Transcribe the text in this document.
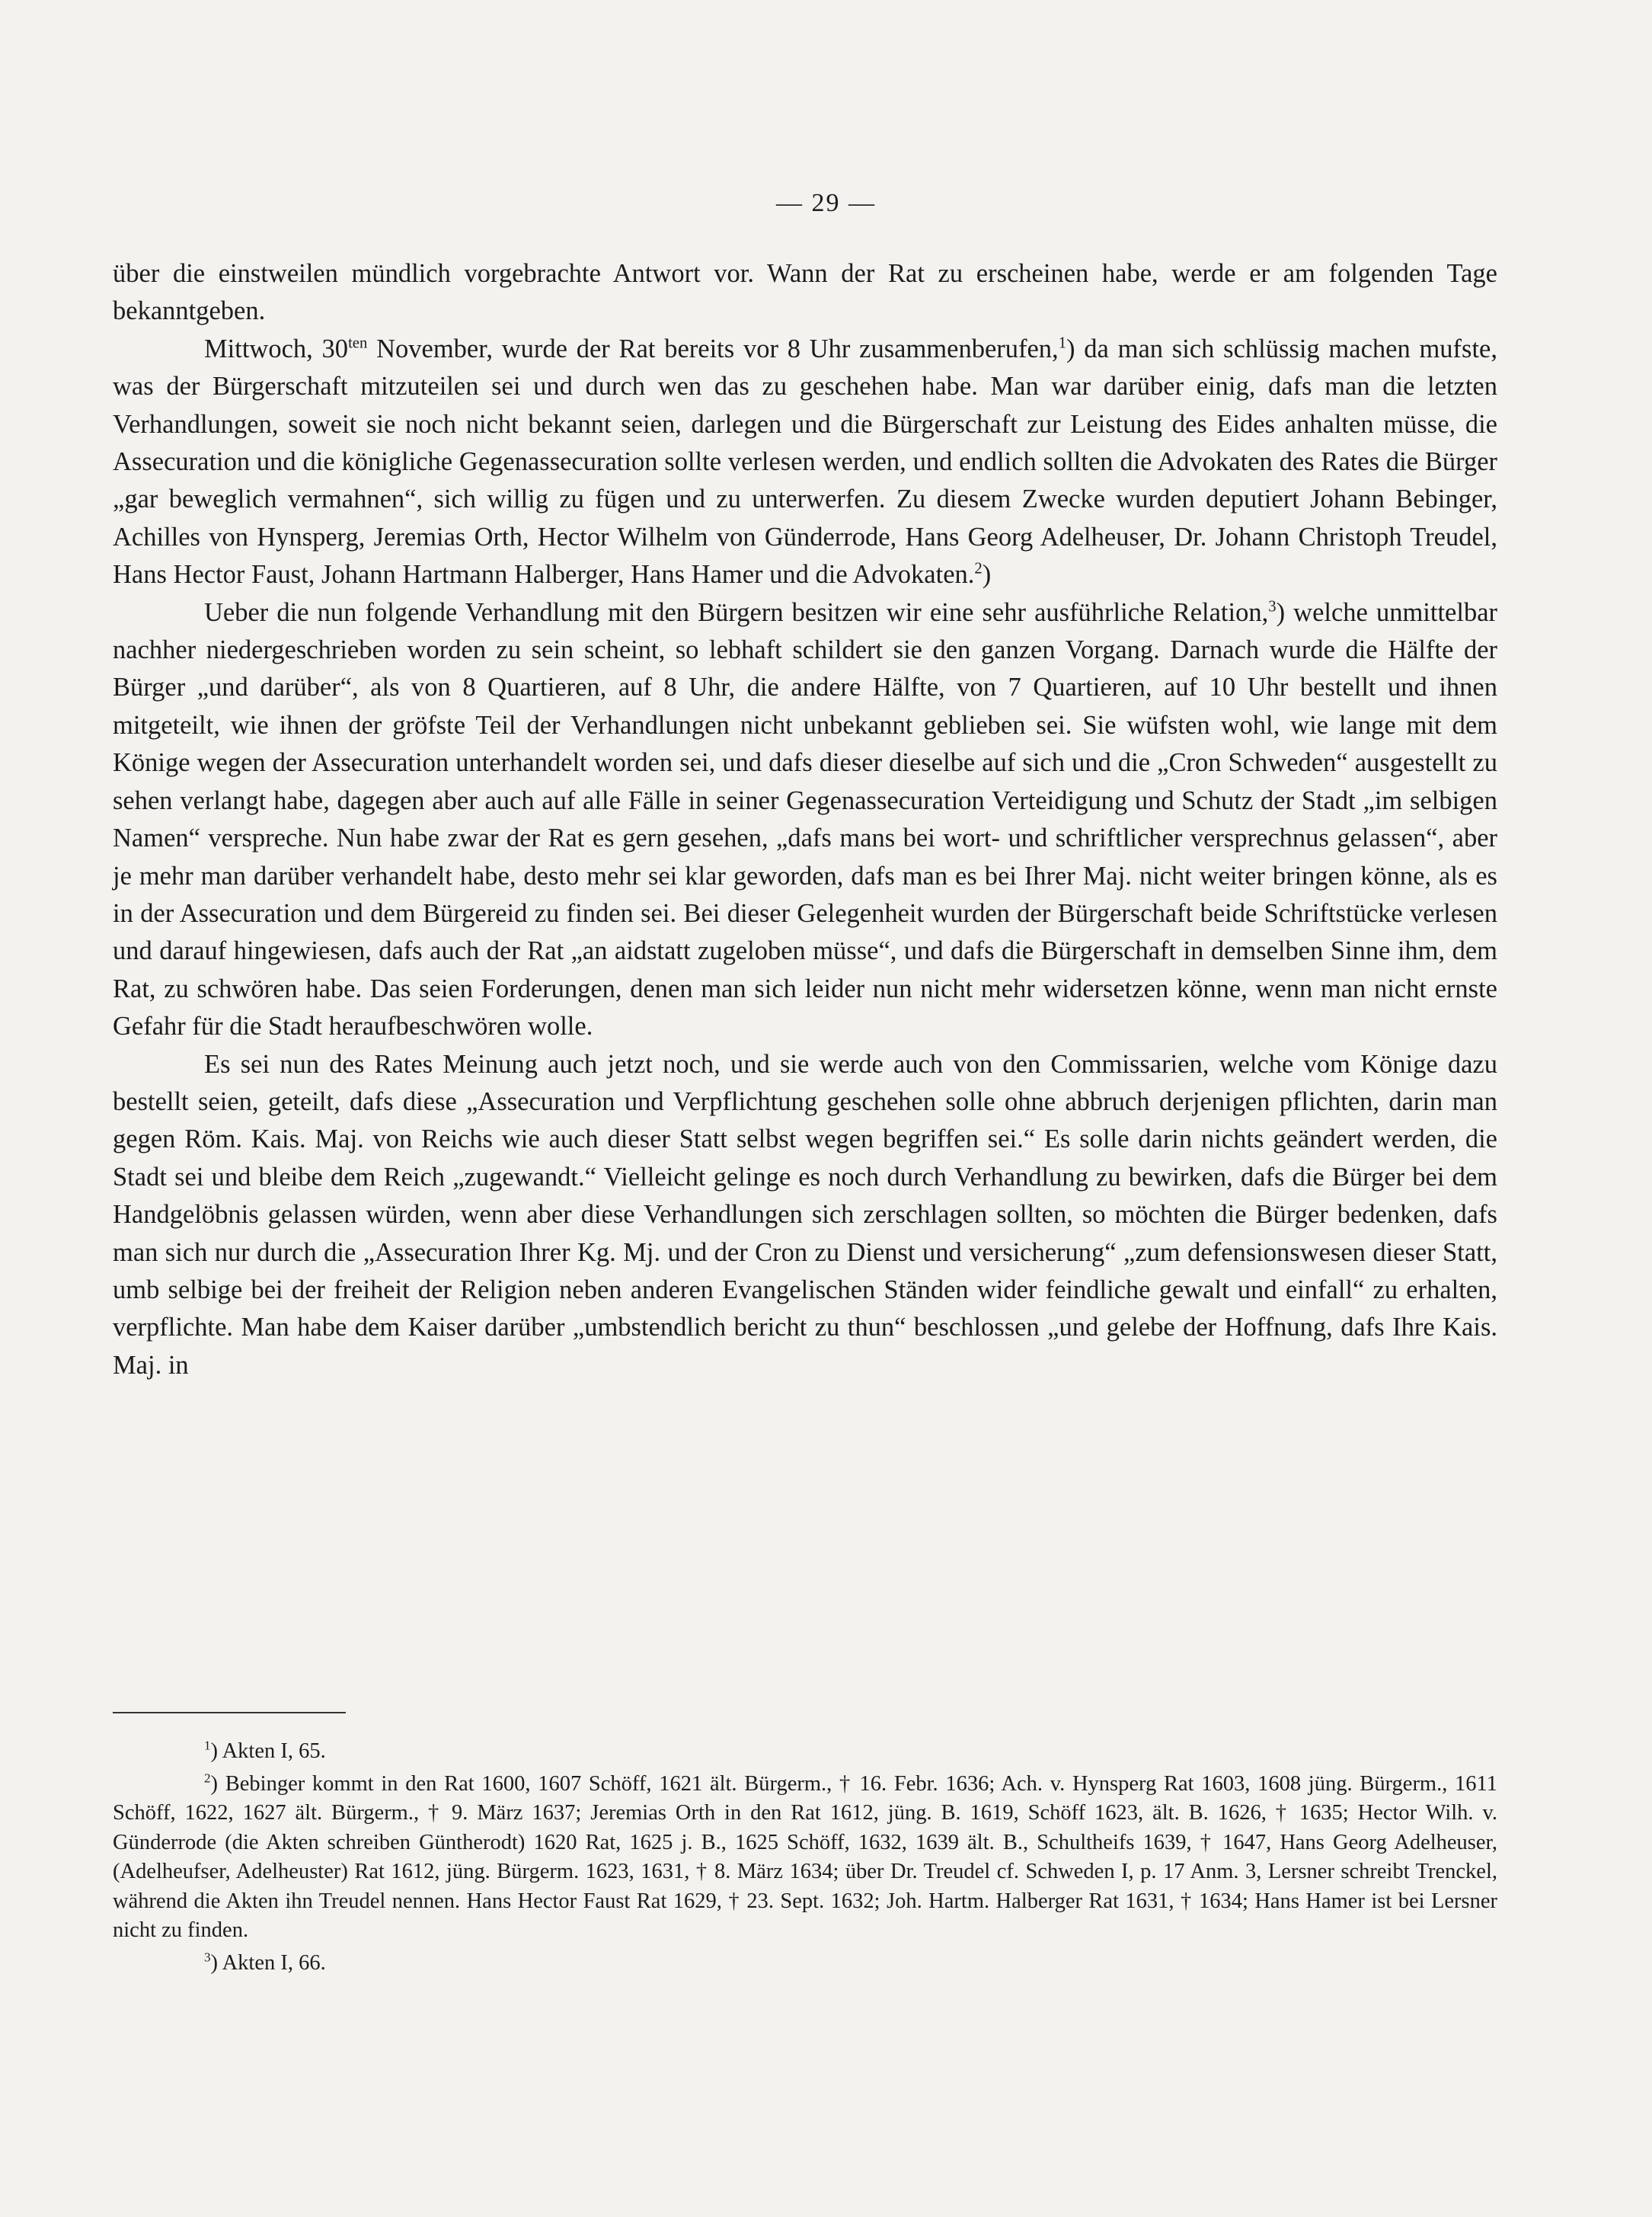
— 29 —

über die einstweilen mündlich vorgebrachte Antwort vor. Wann der Rat zu erscheinen habe, werde er am folgenden Tage bekanntgeben.

Mittwoch, $30^{ten}$ November, wurde der Rat bereits vor 8 Uhr zusammenberufen,$^1$) da man sich schlüssig machen mufste, was der Bürgerschaft mitzuteilen sei und durch wen das zu geschehen habe. Man war darüber einig, dafs man die letzten Verhandlungen, soweit sie noch nicht bekannt seien, darlegen und die Bürgerschaft zur Leistung des Eides anhalten müsse, die Assecuration und die königliche Gegenassecuration sollte verlesen werden, und endlich sollten die Advokaten des Rates die Bürger „gar beweglich vermahnen“, sich willig zu fügen und zu unterwerfen. Zu diesem Zwecke wurden deputiert Johann Bebinger, Achilles von Hynsperg, Jeremias Orth, Hector Wilhelm von Günderrode, Hans Georg Adelheuser, Dr. Johann Christoph Treudel, Hans Hector Faust, Johann Hartmann Halberger, Hans Hamer und die Advokaten.$^2$)

Ueber die nun folgende Verhandlung mit den Bürgern besitzen wir eine sehr ausführliche Relation,$^3$) welche unmittelbar nachher niedergeschrieben worden zu sein scheint, so lebhaft schildert sie den ganzen Vorgang. Darnach wurde die Hälfte der Bürger „und darüber“, als von 8 Quartieren, auf 8 Uhr, die andere Hälfte, von 7 Quartieren, auf 10 Uhr bestellt und ihnen mitgeteilt, wie ihnen der gröfste Teil der Verhandlungen nicht unbekannt geblieben sei. Sie wüfsten wohl, wie lange mit dem Könige wegen der Assecuration unterhandelt worden sei, und dafs dieser dieselbe auf sich und die „Cron Schweden“ ausgestellt zu sehen verlangt habe, dagegen aber auch auf alle Fälle in seiner Gegenassecuration Verteidigung und Schutz der Stadt „im selbigen Namen“ verspreche. Nun habe zwar der Rat es gern gesehen, „dafs mans bei wort- und schriftlicher versprechnus gelassen“, aber je mehr man darüber verhandelt habe, desto mehr sei klar geworden, dafs man es bei Ihrer Maj. nicht weiter bringen könne, als es in der Assecuration und dem Bürgereid zu finden sei. Bei dieser Gelegenheit wurden der Bürgerschaft beide Schriftstücke verlesen und darauf hingewiesen, dafs auch der Rat „an aidstatt zugeloben müsse“, und dafs die Bürgerschaft in demselben Sinne ihm, dem Rat, zu schwören habe. Das seien Forderungen, denen man sich leider nun nicht mehr widersetzen könne, wenn man nicht ernste Gefahr für die Stadt heraufbeschwören wolle.

Es sei nun des Rates Meinung auch jetzt noch, und sie werde auch von den Commissarien, welche vom Könige dazu bestellt seien, geteilt, dafs diese „Assecuration und Verpflichtung geschehen solle ohne abbruch derjenigen pflichten, darin man gegen Röm. Kais. Maj. von Reichs wie auch dieser Statt selbst wegen begriffen sei.“ Es solle darin nichts geändert werden, die Stadt sei und bleibe dem Reich „zugewandt.“ Vielleicht gelinge es noch durch Verhandlung zu bewirken, dafs die Bürger bei dem Handgelöbnis gelassen würden, wenn aber diese Verhandlungen sich zerschlagen sollten, so möchten die Bürger bedenken, dafs man sich nur durch die „Assecuration Ihrer Kg. Mj. und der Cron zu Dienst und versicherung“ „zum defensionswesen dieser Statt, umb selbige bei der freiheit der Religion neben anderen Evangelischen Ständen wider feindliche gewalt und einfall“ zu erhalten, verpflichte. Man habe dem Kaiser darüber „umbstendlich bericht zu thun“ beschlossen „und gelebe der Hoffnung, dafs Ihre Kais. Maj. in

$^1$) Akten I, 65.

$^2$) Bebinger kommt in den Rat 1600, 1607 Schöff, 1621 ält. Bürgerm., † 16. Febr. 1636; Ach. v. Hynsperg Rat 1603, 1608 jüng. Bürgerm., 1611 Schöff, 1622, 1627 ält. Bürgerm., † 9. März 1637; Jeremias Orth in den Rat 1612, jüng. B. 1619, Schöff 1623, ält. B. 1626, † 1635; Hector Wilh. v. Günderrode (die Akten schreiben Güntherodt) 1620 Rat, 1625 j. B., 1625 Schöff, 1632, 1639 ält. B., Schultheifs 1639, † 1647, Hans Georg Adelheuser, (Adelheufser, Adelheuster) Rat 1612, jüng. Bürgerm. 1623, 1631, † 8. März 1634; über Dr. Treudel cf. Schweden I, p. 17 Anm. 3, Lersner schreibt Trenckel, während die Akten ihn Treudel nennen. Hans Hector Faust Rat 1629, † 23. Sept. 1632; Joh. Hartm. Halberger Rat 1631, † 1634; Hans Hamer ist bei Lersner nicht zu finden.

$^3$) Akten I, 66.
